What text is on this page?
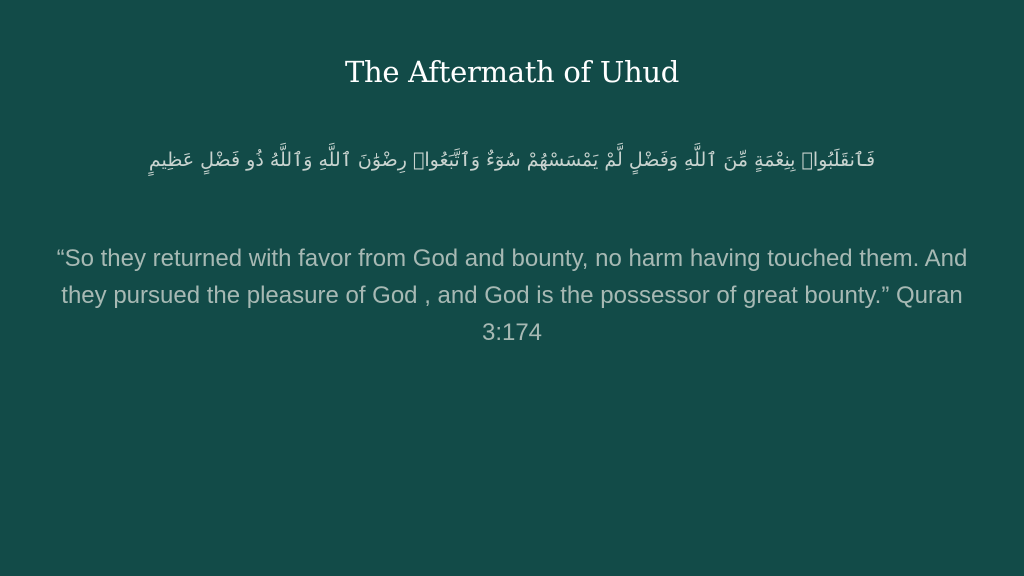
The Aftermath of Uhud
فَٱنقَلَبُوا۟ بِنِعْمَةٍ مِّنَ ٱللَّهِ وَفَضْلٍ لَّمْ يَمْسَسْهُمْ سُوٓءٌ وَٱتَّبَعُوا۟ رِضْوَٰنَ ٱللَّهِ وَٱللَّهُ ذُو فَضْلٍ عَظِيمٍ
“So they returned with favor from God and bounty, no harm having touched them. And they pursued the pleasure of God , and God is the possessor of great bounty.” Quran 3:174
